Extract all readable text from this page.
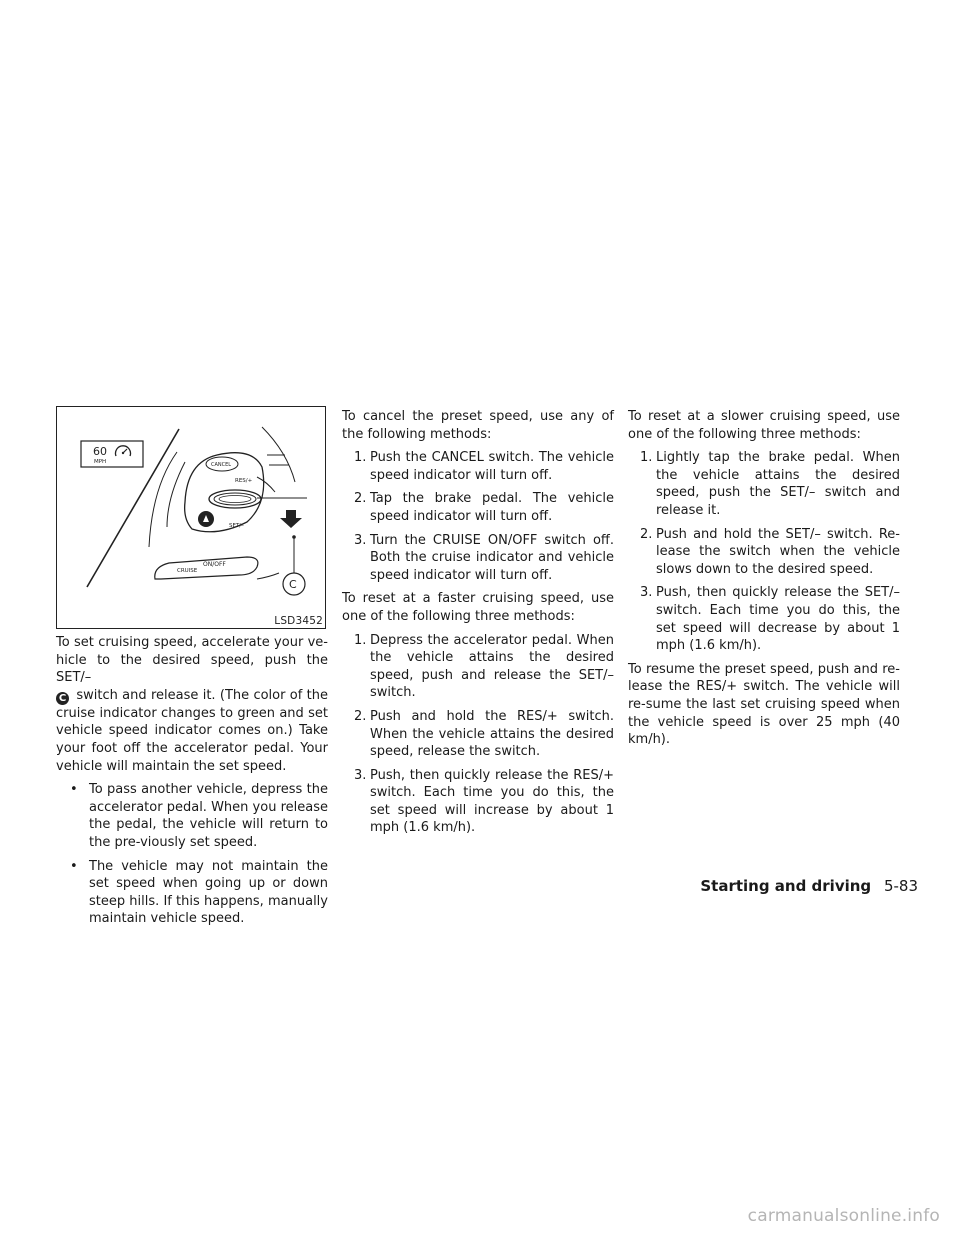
60
MPH	CANCEL
RES/+
SET/–
CRUISE
ON/OFF
C
LSD3452

To set cruising speed, accelerate your ve-hicle to the desired speed, push the SET/–
C switch and release it. (The color of the cruise indicator changes to green and set vehicle speed indicator comes on.) Take your foot off the accelerator pedal. Your vehicle will maintain the set speed.

• To pass another vehicle, depress the accelerator pedal. When you release the pedal, the vehicle will return to the pre-viously set speed.
• The vehicle may not maintain the set speed when going up or down steep hills. If this happens, manually maintain vehicle speed.

To cancel the preset speed, use any of the following methods:

1. Push the CANCEL switch. The vehicle speed indicator will turn off.
2. Tap the brake pedal. The vehicle speed indicator will turn off.
3. Turn the CRUISE ON/OFF switch off. Both the cruise indicator and vehicle speed indicator will turn off.

To reset at a faster cruising speed, use one of the following three methods:

1. Depress the accelerator pedal. When the vehicle attains the desired speed, push and release the SET/– switch.
2. Push and hold the RES/+ switch. When the vehicle attains the desired speed, release the switch.
3. Push, then quickly release the RES/+ switch. Each time you do this, the set speed will increase by about 1 mph (1.6 km/h).

To reset at a slower cruising speed, use one of the following three methods:

1. Lightly tap the brake pedal. When the vehicle attains the desired speed, push the SET/– switch and release it.
2. Push and hold the SET/– switch. Re-lease the switch when the vehicle slows down to the desired speed.
3. Push, then quickly release the SET/– switch. Each time you do this, the set speed will decrease by about 1 mph (1.6 km/h).

To resume the preset speed, push and re-lease the RES/+ switch. The vehicle will re-sume the last set cruising speed when the vehicle speed is over 25 mph (40 km/h).

Starting and driving 5-83
carmanualsonline.info
